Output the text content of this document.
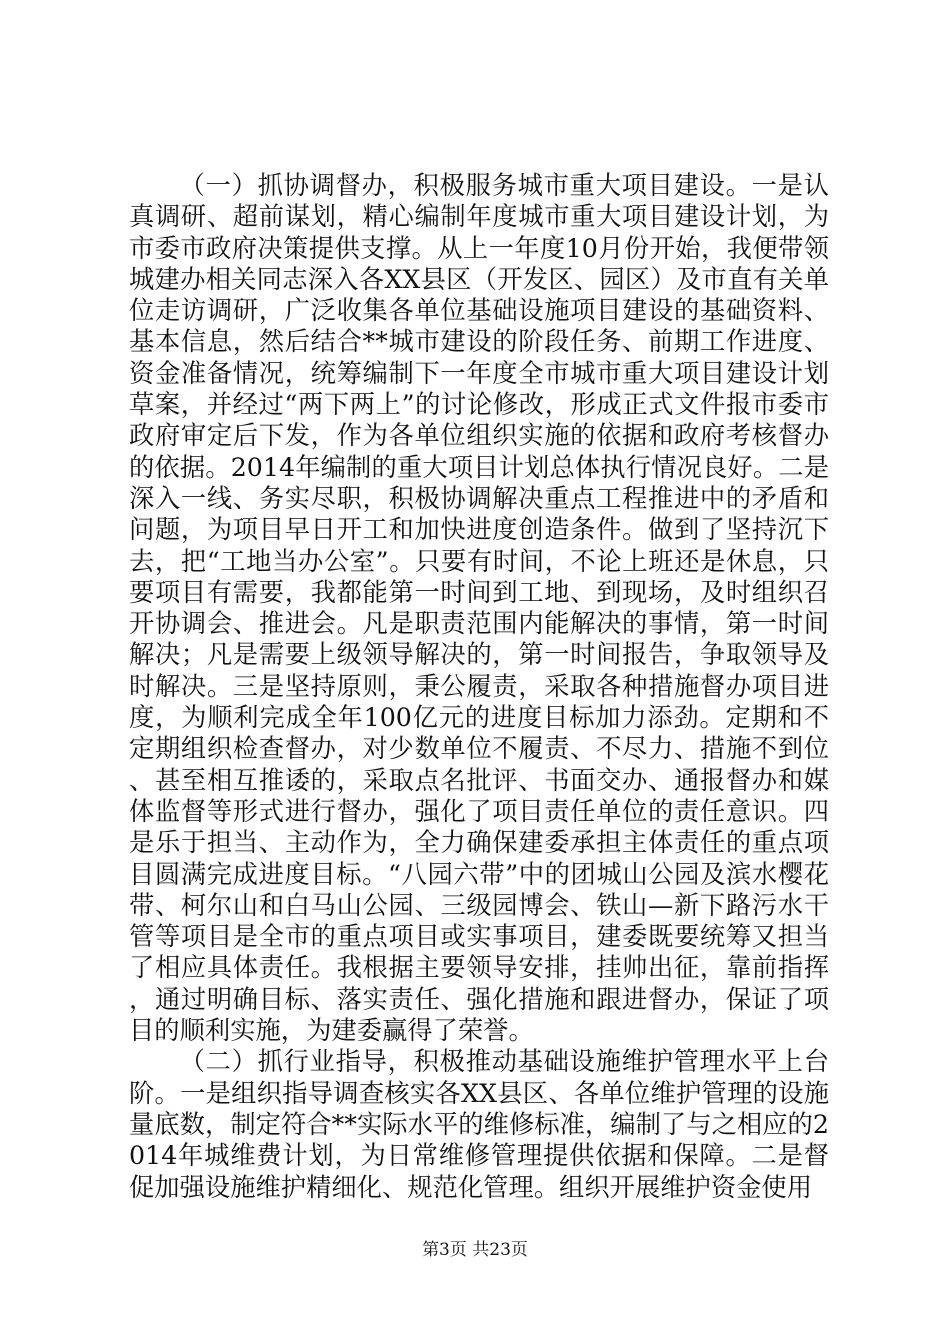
（一）抓协调督办，积极服务城市重大项目建设。一是认真调研、超前谋划，精心编制年度城市重大项目建设计划，为市委市政府决策提供支撑。从上一年度10月份开始，我便带领城建办相关同志深入各XX县区（开发区、园区）及市直有关单位走访调研，广泛收集各单位基础设施项目建设的基础资料、基本信息，然后结合**城市建设的阶段任务、前期工作进度、资金准备情况，统筹编制下一年度全市城市重大项目建设计划草案，并经过“两下两上”的讨论修改，形成正式文件报市委市政府审定后下发，作为各单位组织实施的依据和政府考核督办的依据。2014年编制的重大项目计划总体执行情况良好。二是深入一线、务实尽职，积极协调解决重点工程推进中的矛盾和问题，为项目早日开工和加快进度创造条件。做到了坚持沉下去，把“工地当办公室”。只要有时间，不论上班还是休息，只要项目有需要，我都能第一时间到工地、到现场，及时组织召开协调会、推进会。凡是职责范围内能解决的事情，第一时间解决；凡是需要上级领导解决的，第一时间报告，争取领导及时解决。三是坚持原则，秉公履责，采取各种措施督办项目进度，为顺利完成全年100亿元的进度目标加力添劲。定期和不定期组织检查督办，对少数单位不履责、不尽力、措施不到位、甚至相互推诿的，采取点名批评、书面交办、通报督办和媒体监督等形式进行督办，强化了项目责任单位的责任意识。四是乐于担当、主动作为，全力确保建委承担主体责任的重点项目圆满完成进度目标。“八园六带”中的团城山公园及滨水樱花带、柯尔山和白马山公园、三级园博会、铁山—新下路污水干管等项目是全市的重点项目或实事项目，建委既要统筹又担当了相应具体责任。我根据主要领导安排，挂帅出征，靠前指挥，通过明确目标、落实责任、强化措施和跟进督办，保证了项目的顺利实施，为建委赢得了荣誉。

（二）抓行业指导，积极推动基础设施维护管理水平上台阶。一是组织指导调查核实各XX县区、各单位维护管理的设施量底数，制定符合**实际水平的维修标准，编制了与之相应的2014年城维费计划，为日常维修管理提供依据和保障。二是督促加强设施维护精细化、规范化管理。组织开展维护资金使用

第3页 共23页
